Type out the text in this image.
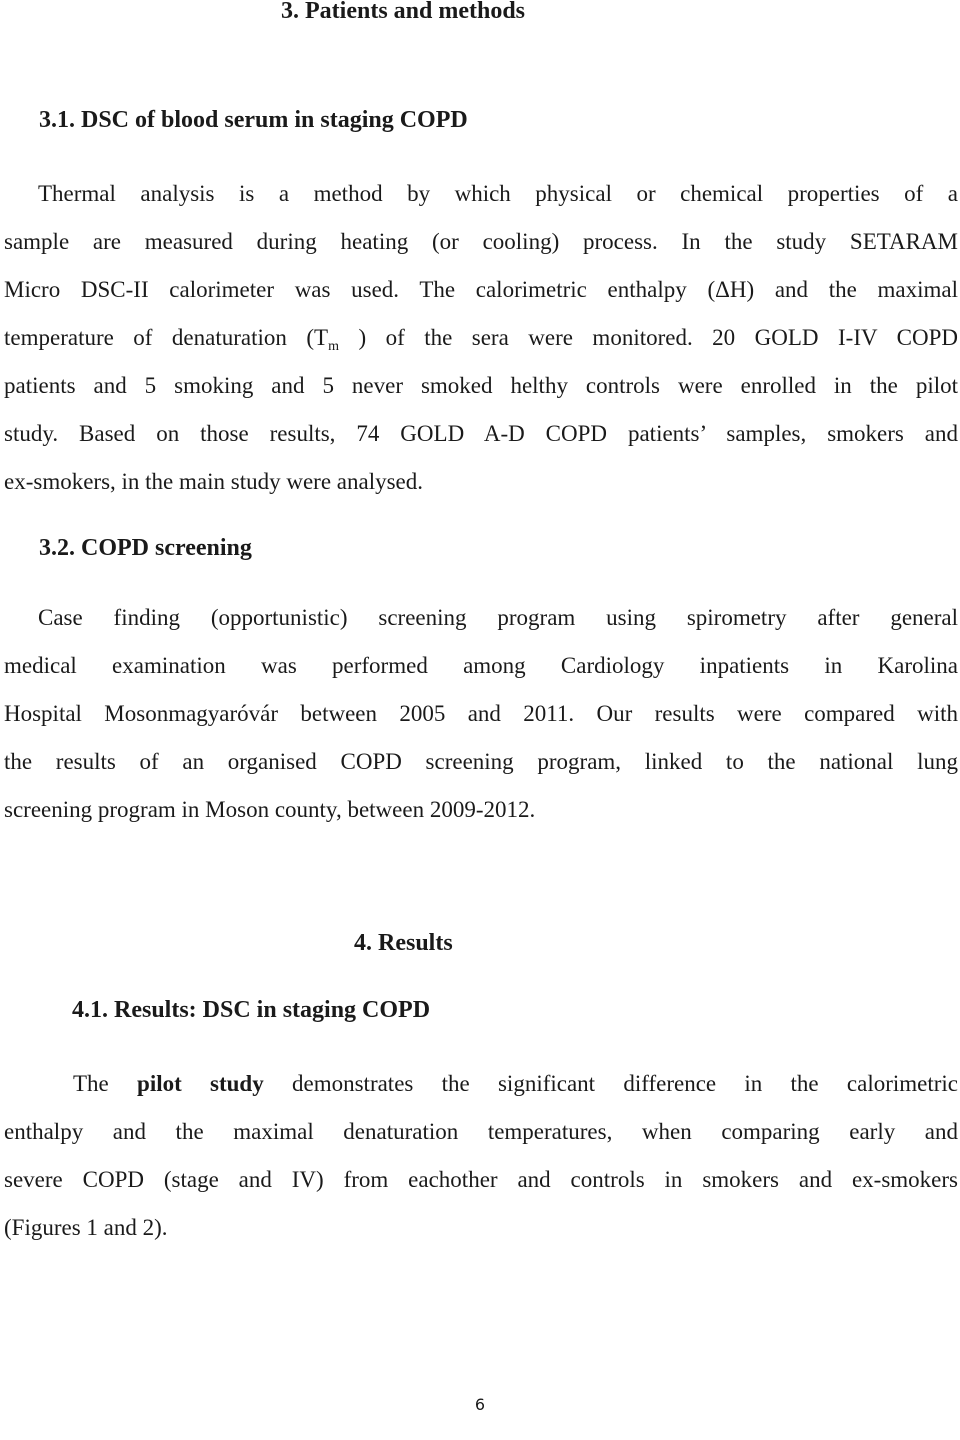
3. Patients and methods
3.1. DSC of blood serum in staging COPD

Thermal analysis is a method by which physical or chemical properties of a

sample are measured during heating (or cooling) process. In the study SETARAM

Micro DSC-II calorimeter was used. The calorimetric enthalpy (ΔH) and the maximal

temperature of denaturation ($T_m$ ) of the sera were monitored. 20 GOLD I-IV COPD

patients and 5 smoking and 5 never smoked helthy controls were enrolled in the pilot

study. Based on those results, 74 GOLD A-D COPD patients’ samples, smokers and

ex-smokers, in the main study were analysed.

3.2. COPD screening

Case finding (opportunistic) screening program using spirometry after general

medical examination was performed among Cardiology inpatients in Karolina

Hospital Mosonmagyaróvár between 2005 and 2011. Our results were compared with

the results of an organised COPD screening program, linked to the national lung

screening program in Moson county, between 2009-2012.

4. Results
4.1. Results: DSC in staging COPD

The pilot study demonstrates the significant difference in the calorimetric

enthalpy and the maximal denaturation temperatures, when comparing early and

severe COPD (stage and IV) from eachother and controls in smokers and ex-smokers

(Figures 1 and 2).

6
